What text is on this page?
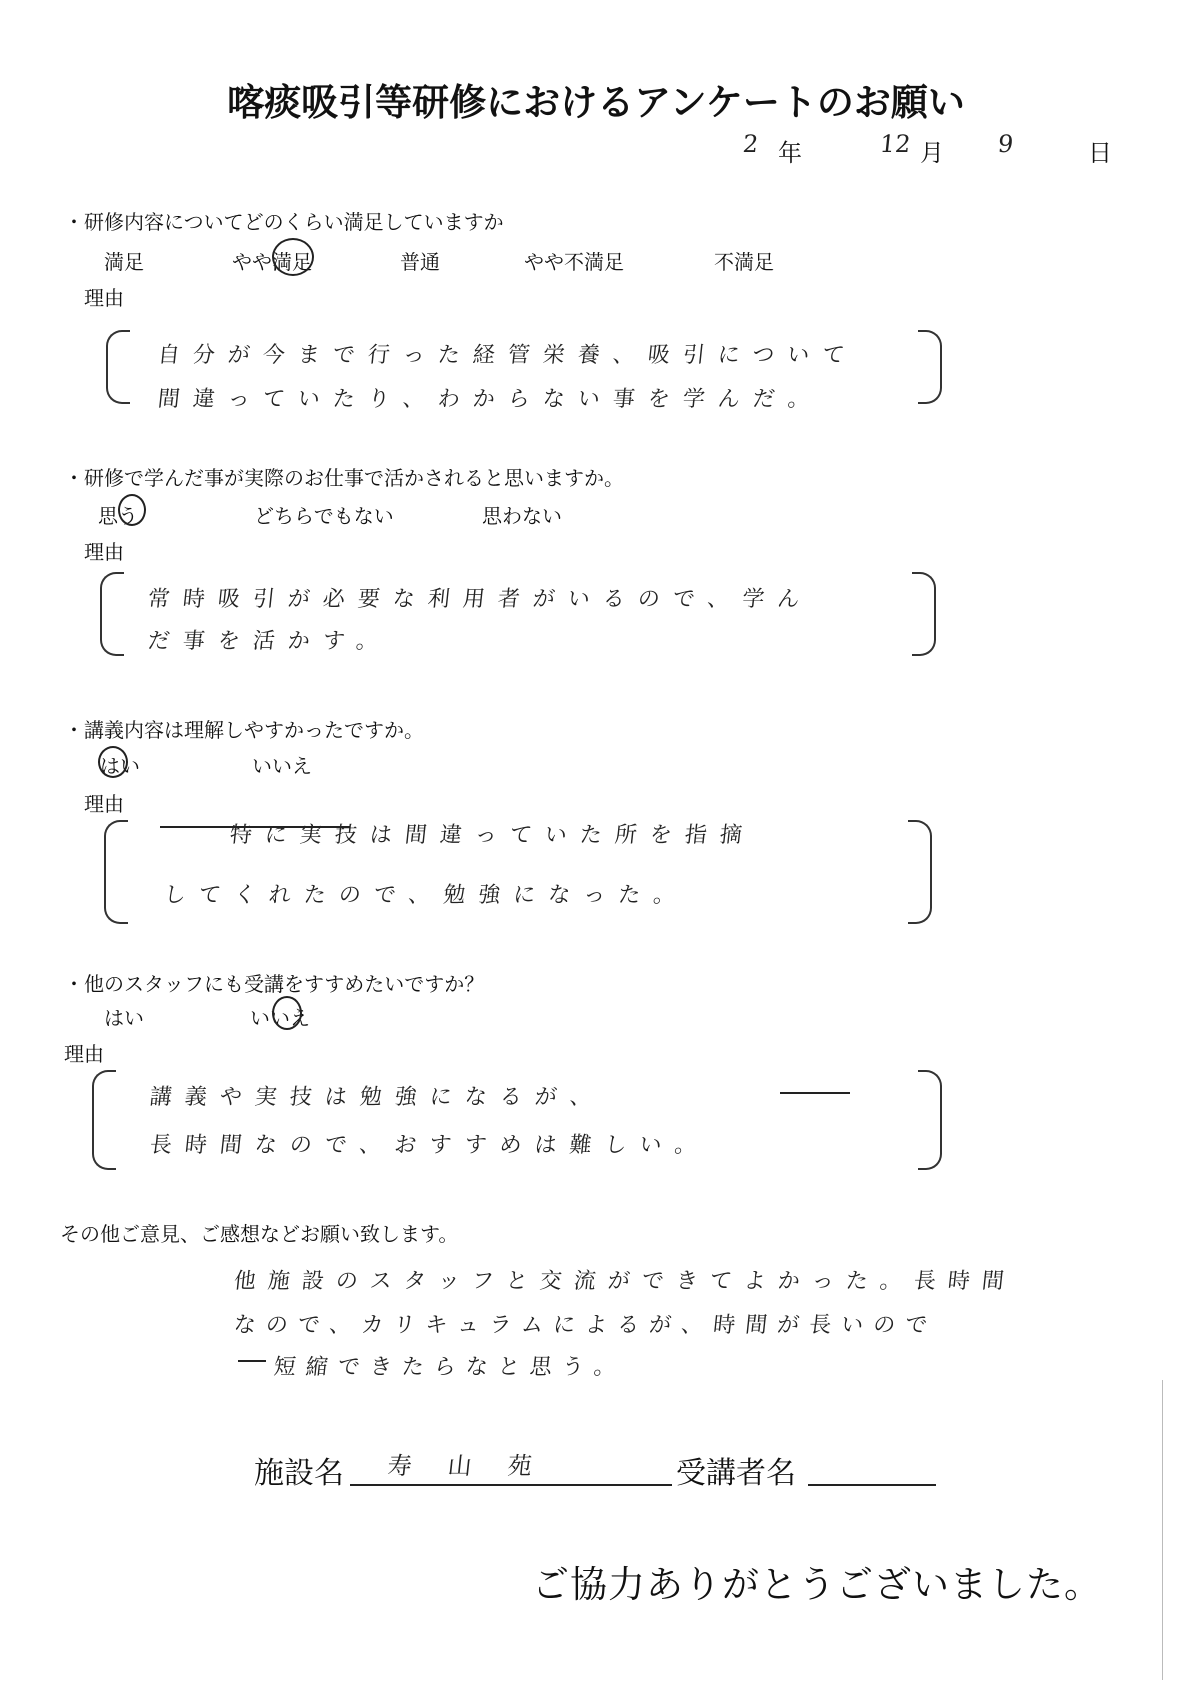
喀痰吸引等研修におけるアンケートのお願い
2 年	12 月 9	日
・研修内容についてどのくらい満足していますか
満足	やや満足	普通	やや不満足	不満足
理由
自分が今まで行った経管栄養、吸引について
間違っていたり、わからない事を学んだ。
・研修で学んだ事が実際のお仕事で活かされると思いますか。
思う	どちらでもない	思わない
理由
常時吸引が必要な利用者がいるので、学ん
だ事を活かす。
・講義内容は理解しやすかったですか。
はい	いいえ
理由
特に実技は間違っていた所を指摘
してくれたので、勉強になった。
・他のスタッフにも受講をすすめたいですか？
はい	いいえ
理由
講義や実技は勉強になるが、
長時間なので、おすすめは難しい。
その他ご意見、ご感想などお願い致します。
他施設のスタッフと交流ができてよかった。長時間
なので、カリキュラムによるが、時間が長いので
短縮できたらなと思う。
施設名 寿山苑	受講者名
ご協力ありがとうございました。
